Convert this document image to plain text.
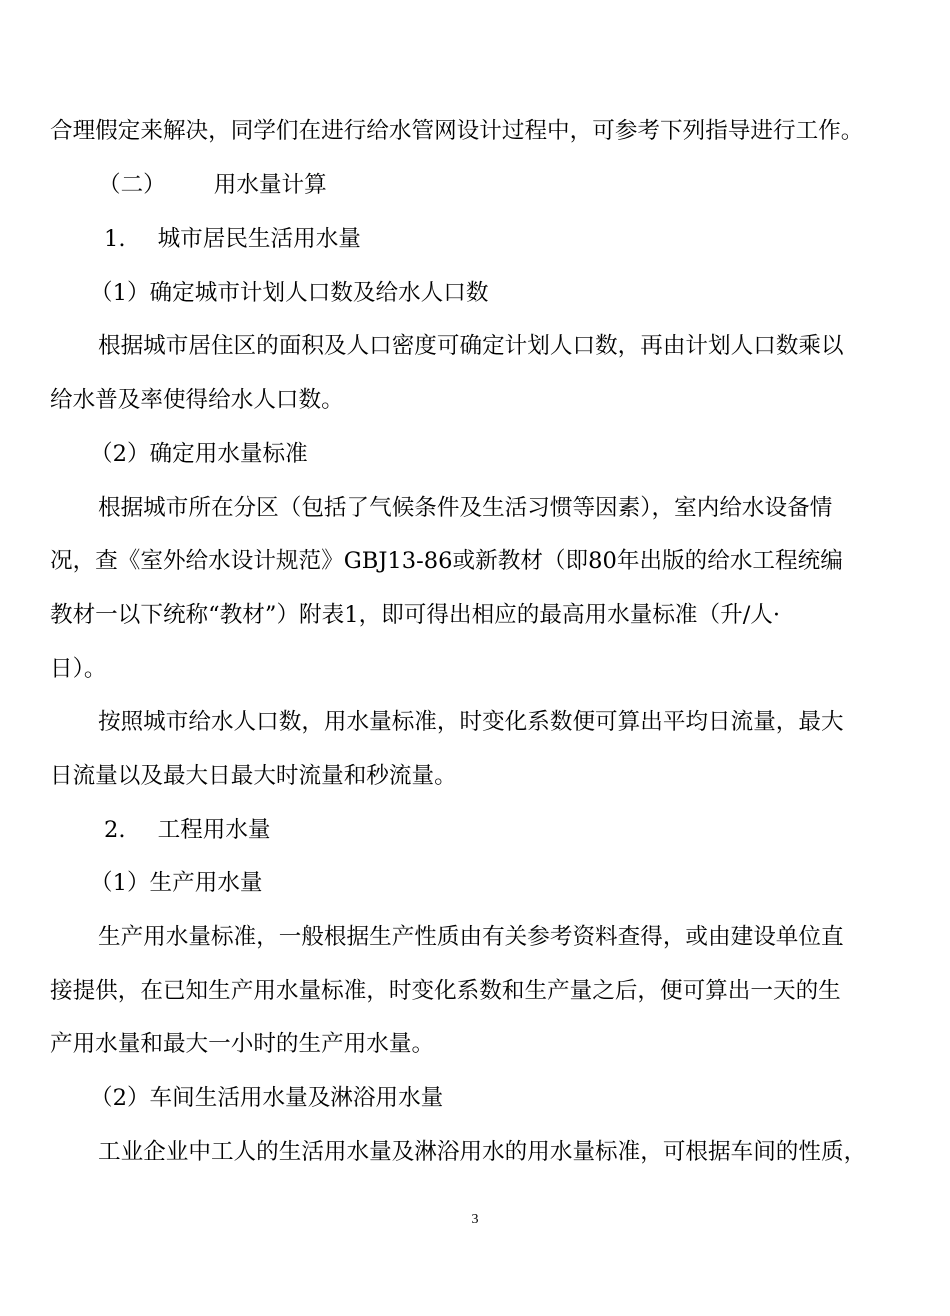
合理假定来解决，同学们在进行给水管网设计过程中，可参考下列指导进行工作。
（二） 用水量计算
1. 城市居民生活用水量
（1）确定城市计划人口数及给水人口数
根据城市居住区的面积及人口密度可确定计划人口数，再由计划人口数乘以
给水普及率使得给水人口数。
（2）确定用水量标准
根据城市所在分区（包括了气候条件及生活习惯等因素），室内给水设备情
况，查《室外给水设计规范》GBJ13-86或新教材（即80年出版的给水工程统编
教材一以下统称“教材”）附表1，即可得出相应的最高用水量标准（升/人·
日）。
按照城市给水人口数，用水量标准，时变化系数便可算出平均日流量，最大
日流量以及最大日最大时流量和秒流量。
2. 工程用水量
（1）生产用水量
生产用水量标准，一般根据生产性质由有关参考资料查得，或由建设单位直
接提供，在已知生产用水量标准，时变化系数和生产量之后，便可算出一天的生
产用水量和最大一小时的生产用水量。
（2）车间生活用水量及淋浴用水量
工业企业中工人的生活用水量及淋浴用水的用水量标准，可根据车间的性质，
3
